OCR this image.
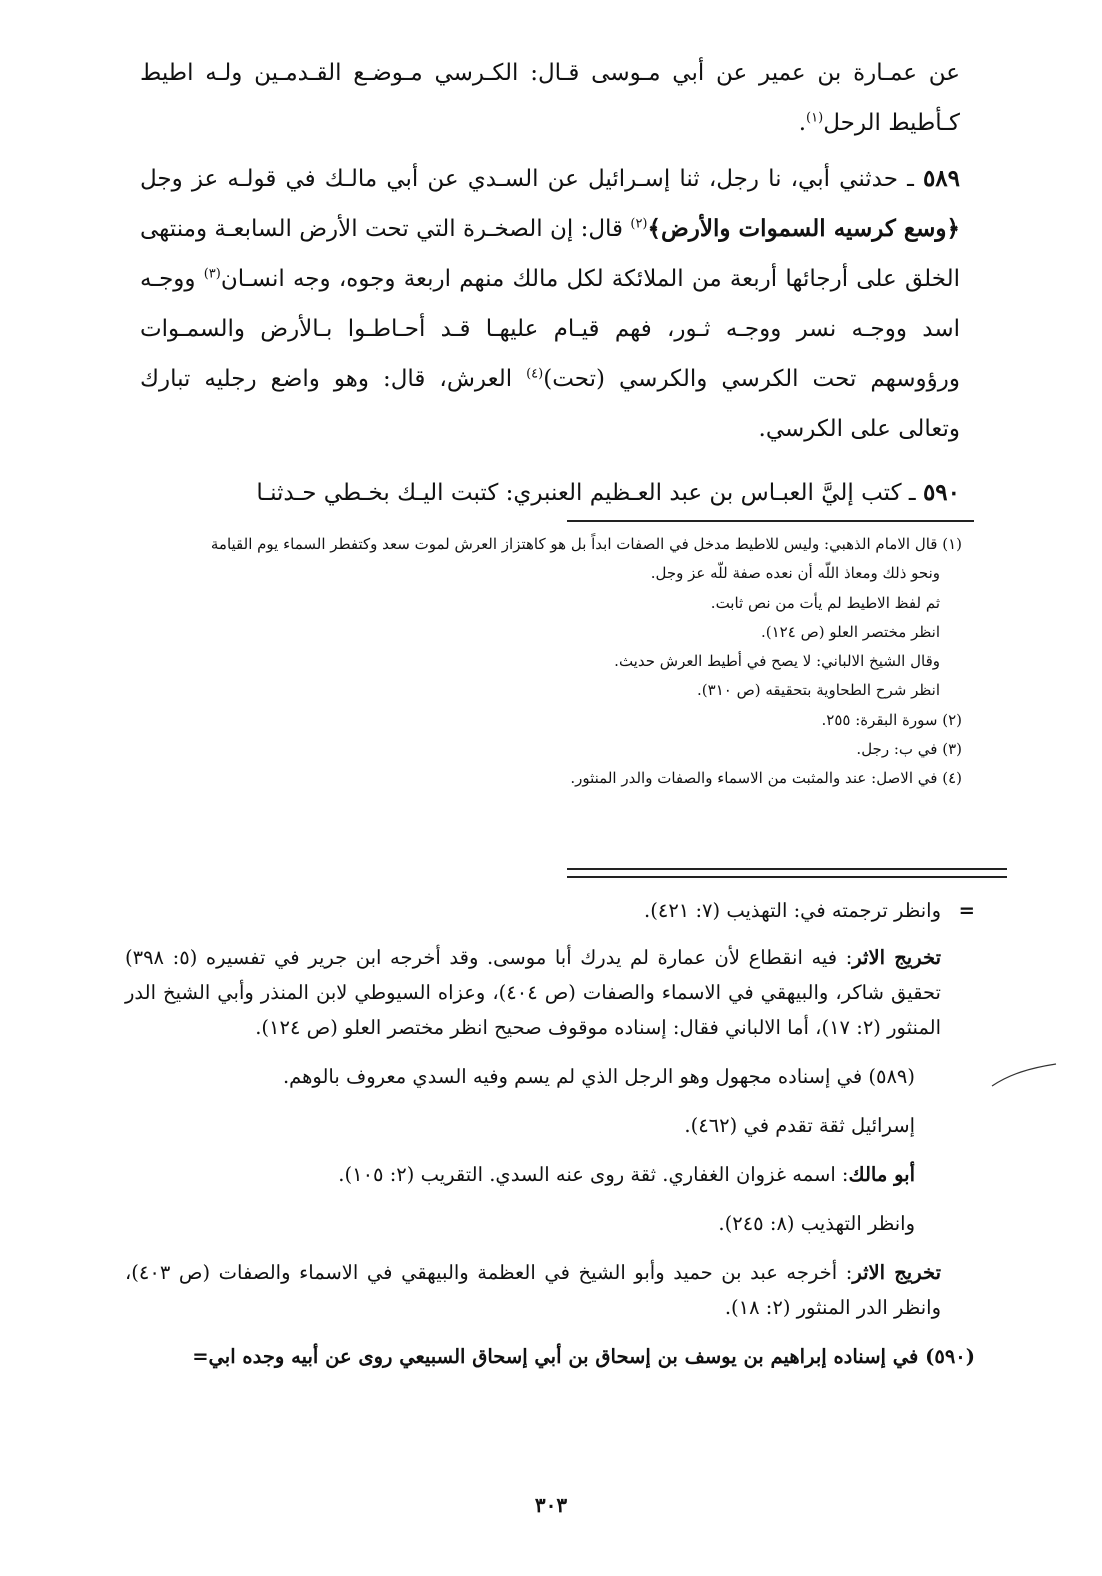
عن عمـارة بن عمير عن أبي مـوسى قـال: الكـرسي مـوضـع القـدمـين ولـه اطيط كـأطيط الرحل$^{(١)}$.

٥٨٩ ـ حدثني أبي، نا رجل، ثنا إسـرائيل عن السـدي عن أبي مالـك في قولـه عز وجل ﴿وسع كرسيه السموات والأرض﴾$^{(٢)}$ قال: إن الصخـرة التي تحت الأرض السابعـة ومنتهى الخلق على أرجائها أربعة من الملائكة لكل مالك منهم اربعة وجوه، وجه انسـان$^{(٣)}$ ووجـه اسد ووجـه نسر ووجـه ثـور، فهم قيـام عليهـا قـد أحـاطـوا بـالأرض والسمـوات ورؤوسهم تحت الكرسي والكرسي (تحت)$^{(٤)}$ العرش، قال: وهو واضع رجليه تبارك وتعالى على الكرسي.

٥٩٠ ـ كتب إليَّ العبـاس بن عبد العـظيم العنبري: كتبت اليـك بخـطي حـدثنـا

(١) قال الامام الذهبي: وليس للاطيط مدخل في الصفات ابداً بل هو كاهتزاز العرش لموت سعد وكتفطر السماء يوم القيامة

ونحو ذلك ومعاذ اللّه أن نعده صفة للّه عز وجل.

ثم لفظ الاطيط لم يأت من نص ثابت.

انظر مختصر العلو (ص ١٢٤).

وقال الشيخ الالباني: لا يصح في أطيط العرش حديث.

انظر شرح الطحاوية بتحقيقه (ص ٣١٠).

(٢) سورة البقرة: ٢٥٥.

(٣) في ب: رجل.

(٤) في الاصل: عند والمثبت من الاسماء والصفات والدر المنثور.

=وانظر ترجمته في: التهذيب (٧: ٤٢١).

تخريج الاثر: فيه انقطاع لأن عمارة لم يدرك أبا موسى. وقد أخرجه ابن جرير في تفسيره (٥: ٣٩٨) تحقيق شاكر، والبيهقي في الاسماء والصفات (ص ٤٠٤)، وعزاه السيوطي لابن المنذر وأبي الشيخ الدر المنثور (٢: ١٧)، أما الالباني فقال: إسناده موقوف صحيح انظر مختصر العلو (ص ١٢٤).

(٥٨٩) في إسناده مجهول وهو الرجل الذي لم يسم وفيه السدي معروف بالوهم.

إسرائيل ثقة تقدم في (٤٦٢).

أبو مالك: اسمه غزوان الغفاري. ثقة روى عنه السدي. التقريب (٢: ١٠٥).

وانظر التهذيب (٨: ٢٤٥).

تخريج الاثر: أخرجه عبد بن حميد وأبو الشيخ في العظمة والبيهقي في الاسماء والصفات (ص ٤٠٣)، وانظر الدر المنثور (٢: ١٨).

(٥٩٠) في إسناده إبراهيم بن يوسف بن إسحاق بن أبي إسحاق السبيعي روى عن أبيه وجده ابي=

٣٠٣
